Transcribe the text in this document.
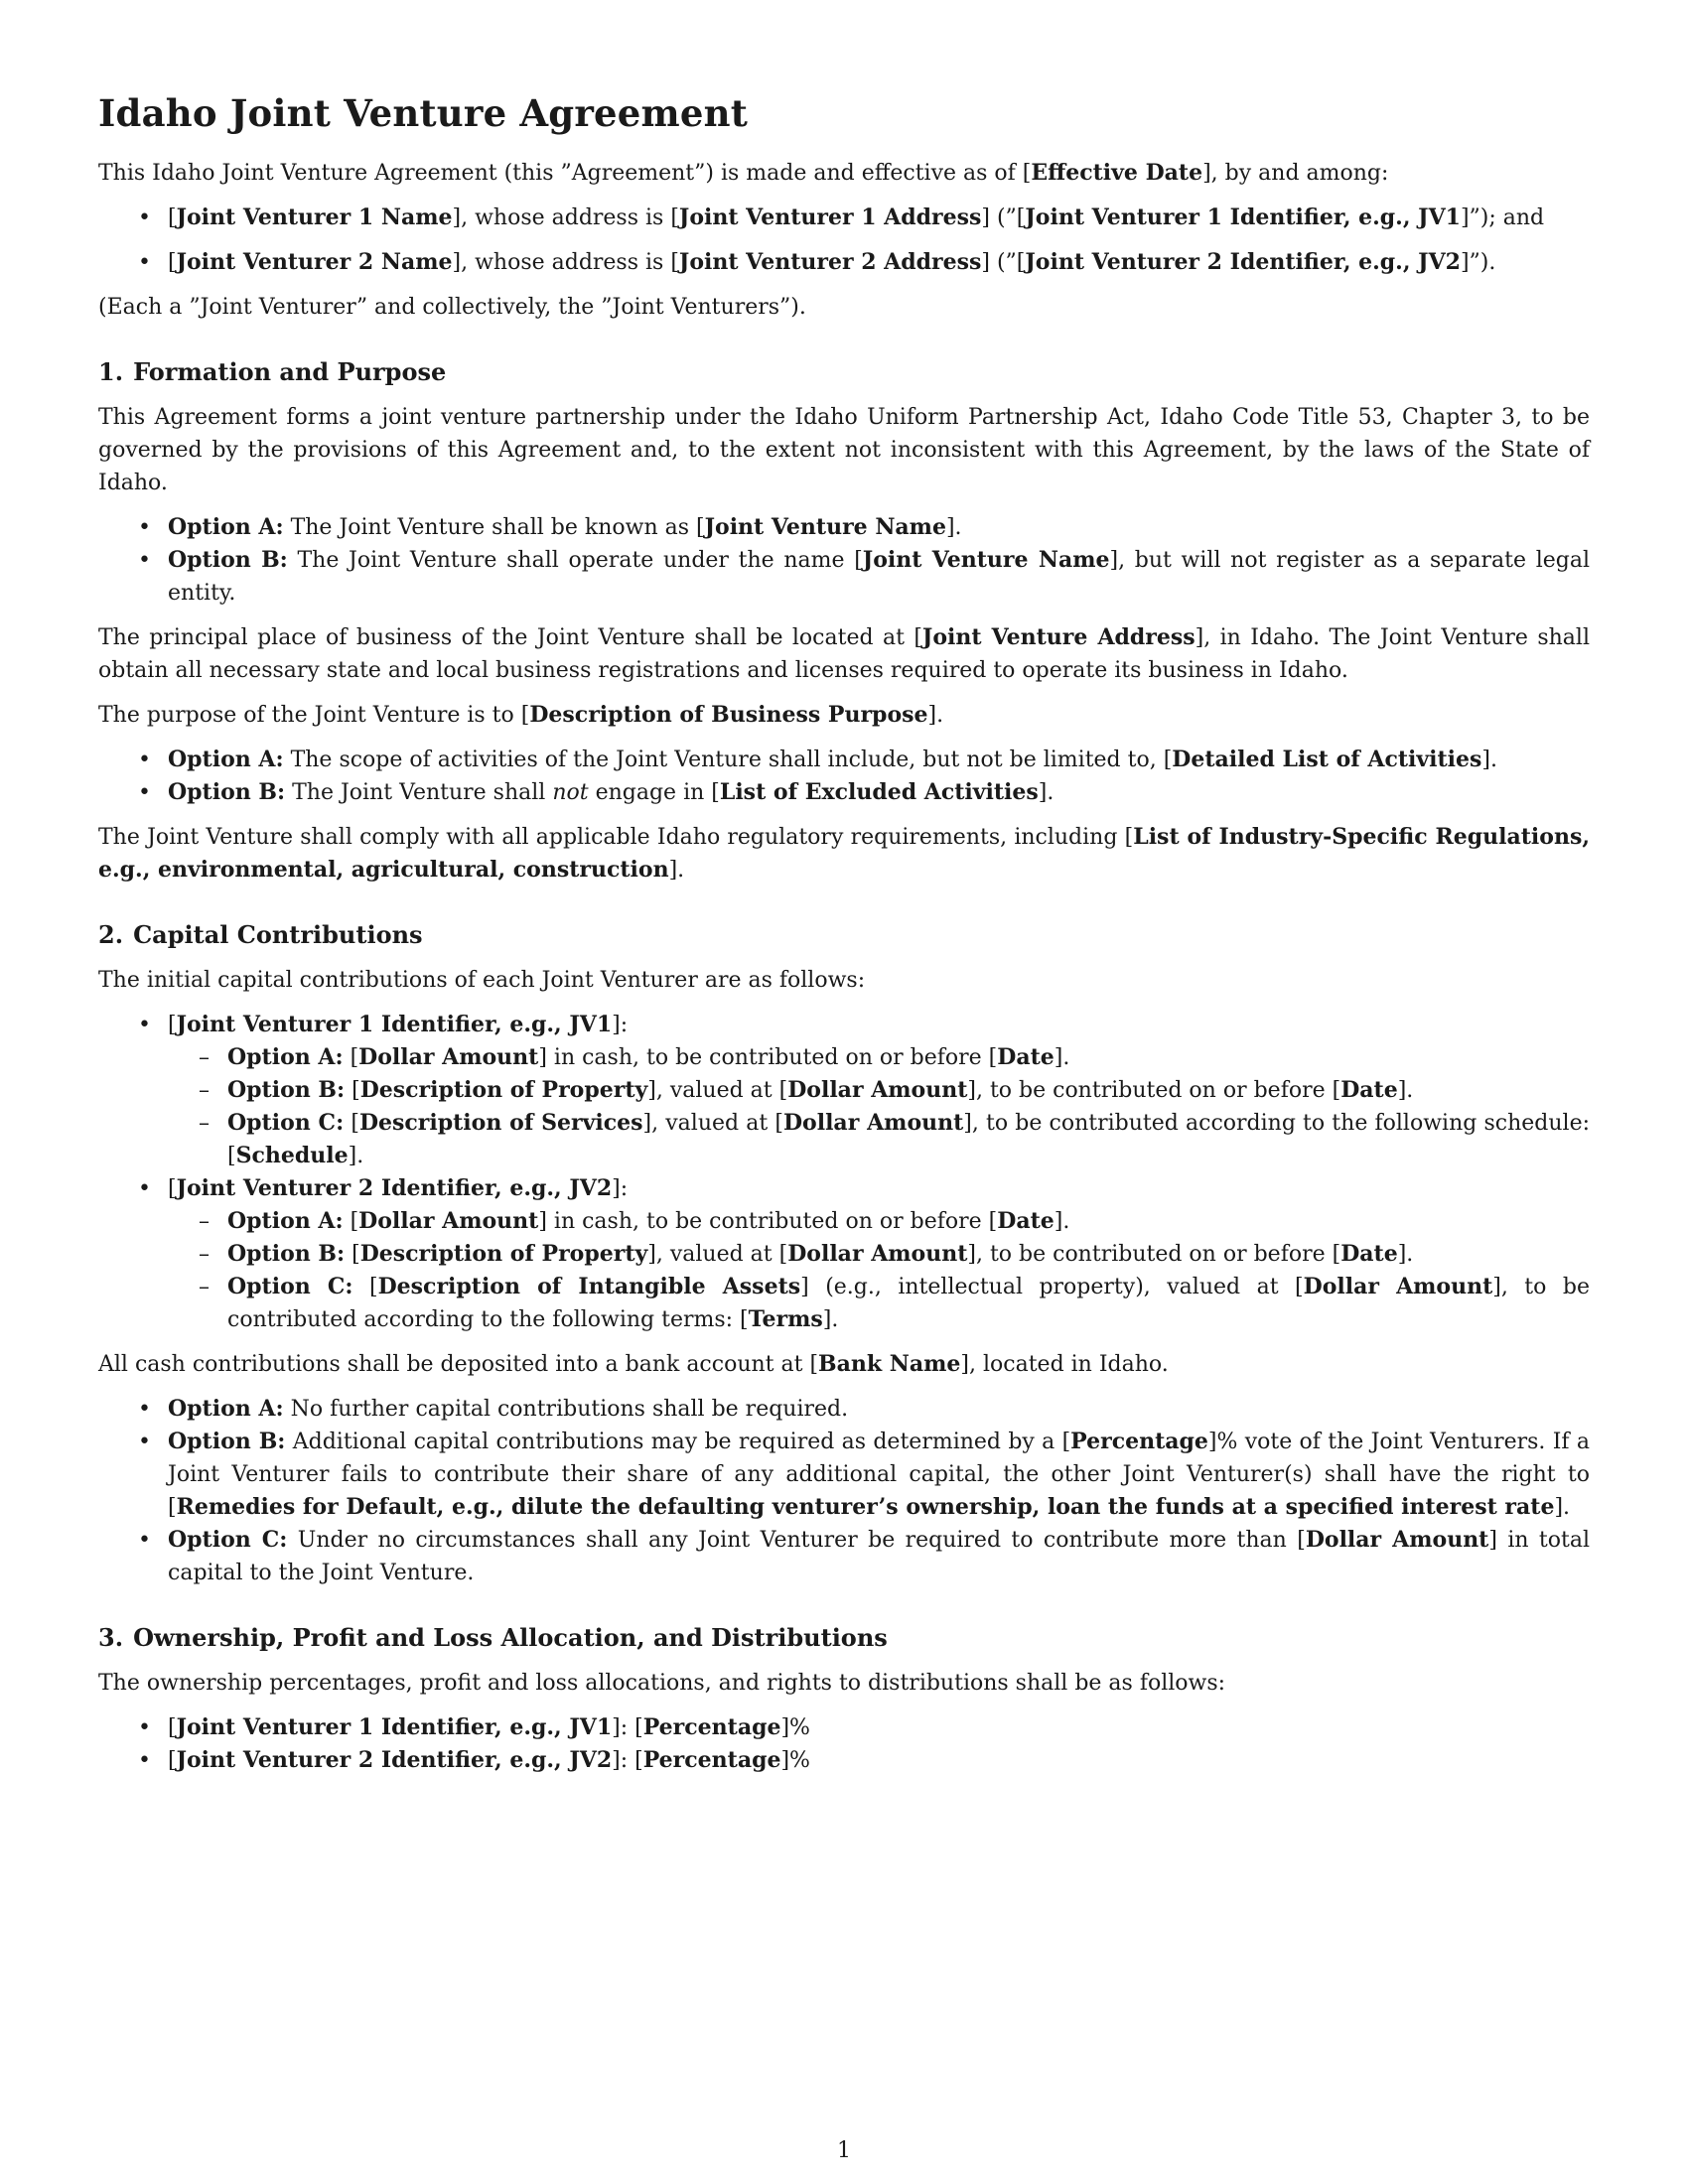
Idaho Joint Venture Agreement

This Idaho Joint Venture Agreement (this ”Agreement”) is made and effective as of [Effective Date], by and among:

• [Joint Venturer 1 Name], whose address is [Joint Venturer 1 Address] (”[Joint Venturer 1 Identifier, e.g., JV1]”); and
• [Joint Venturer 2 Name], whose address is [Joint Venturer 2 Address] (”[Joint Venturer 2 Identifier, e.g., JV2]”).

(Each a ”Joint Venturer” and collectively, the ”Joint Venturers”).

1. Formation and Purpose

This Agreement forms a joint venture partnership under the Idaho Uniform Partnership Act, Idaho Code Title 53, Chapter 3, to be governed by the provisions of this Agreement and, to the extent not inconsistent with this Agreement, by the laws of the State of Idaho.

• Option A: The Joint Venture shall be known as [Joint Venture Name].
• Option B: The Joint Venture shall operate under the name [Joint Venture Name], but will not register as a separate legal entity.

The principal place of business of the Joint Venture shall be located at [Joint Venture Address], in Idaho. The Joint Venture shall obtain all necessary state and local business registrations and licenses required to operate its business in Idaho.

The purpose of the Joint Venture is to [Description of Business Purpose].

• Option A: The scope of activities of the Joint Venture shall include, but not be limited to, [Detailed List of Activities].
• Option B: The Joint Venture shall not engage in [List of Excluded Activities].

The Joint Venture shall comply with all applicable Idaho regulatory requirements, including [List of Industry-Specific Regulations, e.g., environmental, agricultural, construction].

2. Capital Contributions

The initial capital contributions of each Joint Venturer are as follows:

• [Joint Venturer 1 Identifier, e.g., JV1]:
– Option A: [Dollar Amount] in cash, to be contributed on or before [Date].
– Option B: [Description of Property], valued at [Dollar Amount], to be contributed on or before [Date].
– Option C: [Description of Services], valued at [Dollar Amount], to be contributed according to the following schedule: [Schedule].
• [Joint Venturer 2 Identifier, e.g., JV2]:
– Option A: [Dollar Amount] in cash, to be contributed on or before [Date].
– Option B: [Description of Property], valued at [Dollar Amount], to be contributed on or before [Date].
– Option C: [Description of Intangible Assets] (e.g., intellectual property), valued at [Dollar Amount], to be contributed according to the following terms: [Terms].

All cash contributions shall be deposited into a bank account at [Bank Name], located in Idaho.

• Option A: No further capital contributions shall be required.
• Option B: Additional capital contributions may be required as determined by a [Percentage]% vote of the Joint Venturers. If a Joint Venturer fails to contribute their share of any additional capital, the other Joint Venturer(s) shall have the right to [Remedies for Default, e.g., dilute the defaulting venturer’s ownership, loan the funds at a specified interest rate].
• Option C: Under no circumstances shall any Joint Venturer be required to contribute more than [Dollar Amount] in total capital to the Joint Venture.
3. Ownership, Profit and Loss Allocation, and Distributions

The ownership percentages, profit and loss allocations, and rights to distributions shall be as follows:

• [Joint Venturer 1 Identifier, e.g., JV1]: [Percentage]%
• [Joint Venturer 2 Identifier, e.g., JV2]: [Percentage]%
1
